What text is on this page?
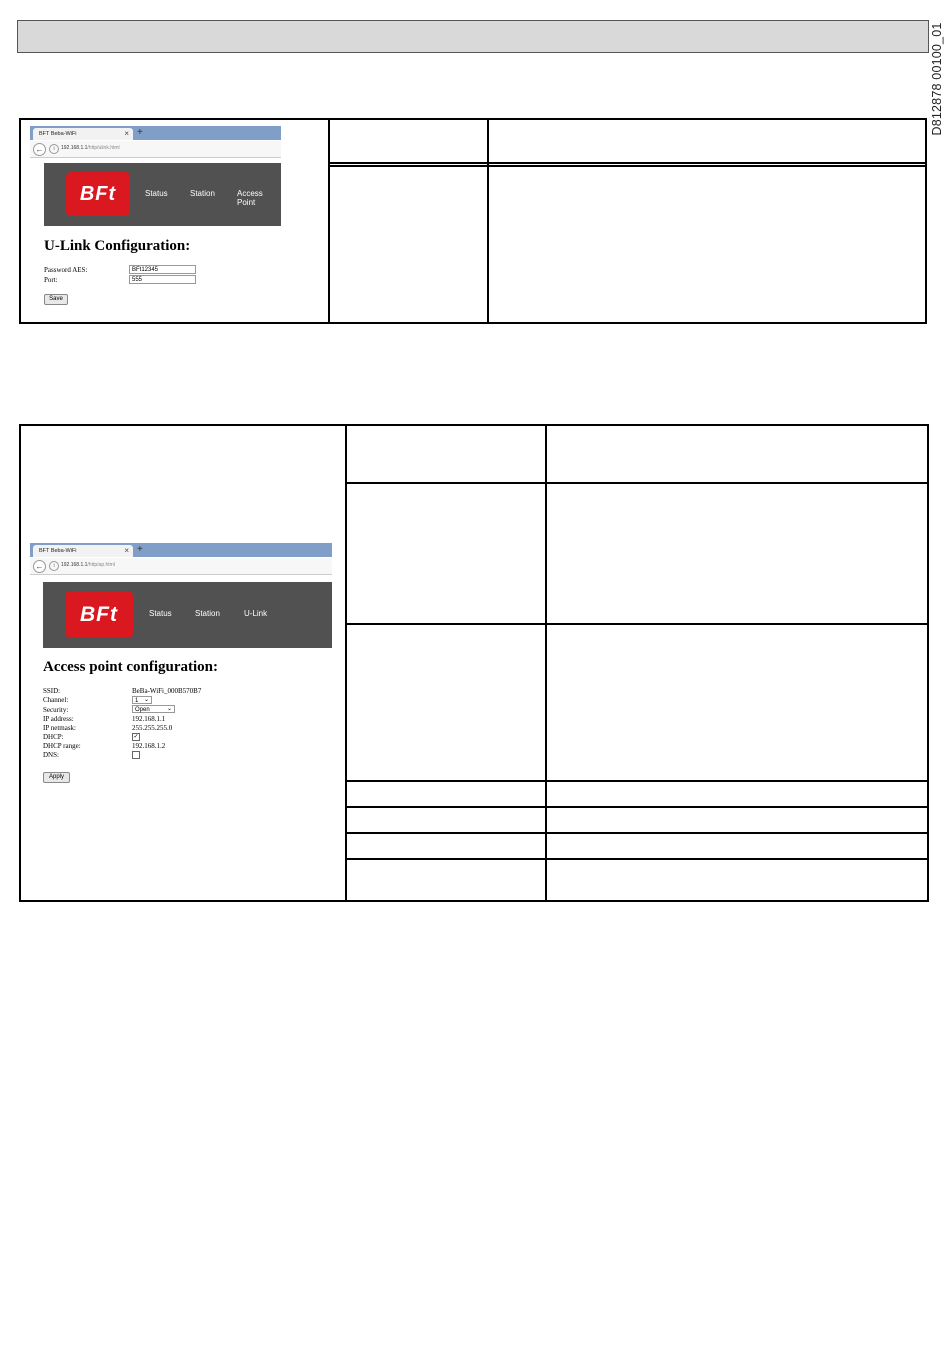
D812878 00100_01
BFT Beba-WiFi	× +
←	i	192.168.1.1/http/ulink.html
BFt	Status	Station	Access Point
U-Link Configuration:
Password AES:	BFt12345
Port:	555
Save
BFT Beba-WiFi	× +
←	i	192.168.1.1/http/ap.html
BFt	Status	Station	U-Link
Access point configuration:
SSID:	BeBa-WiFi_000B570B7
Channel:	1 ⌄
Security:	Open	⌄
IP address:	192.168.1.1
IP netmask:	255.255.255.0
DHCP:	✓
DHCP range:	192.168.1.2
DNS:
Apply
